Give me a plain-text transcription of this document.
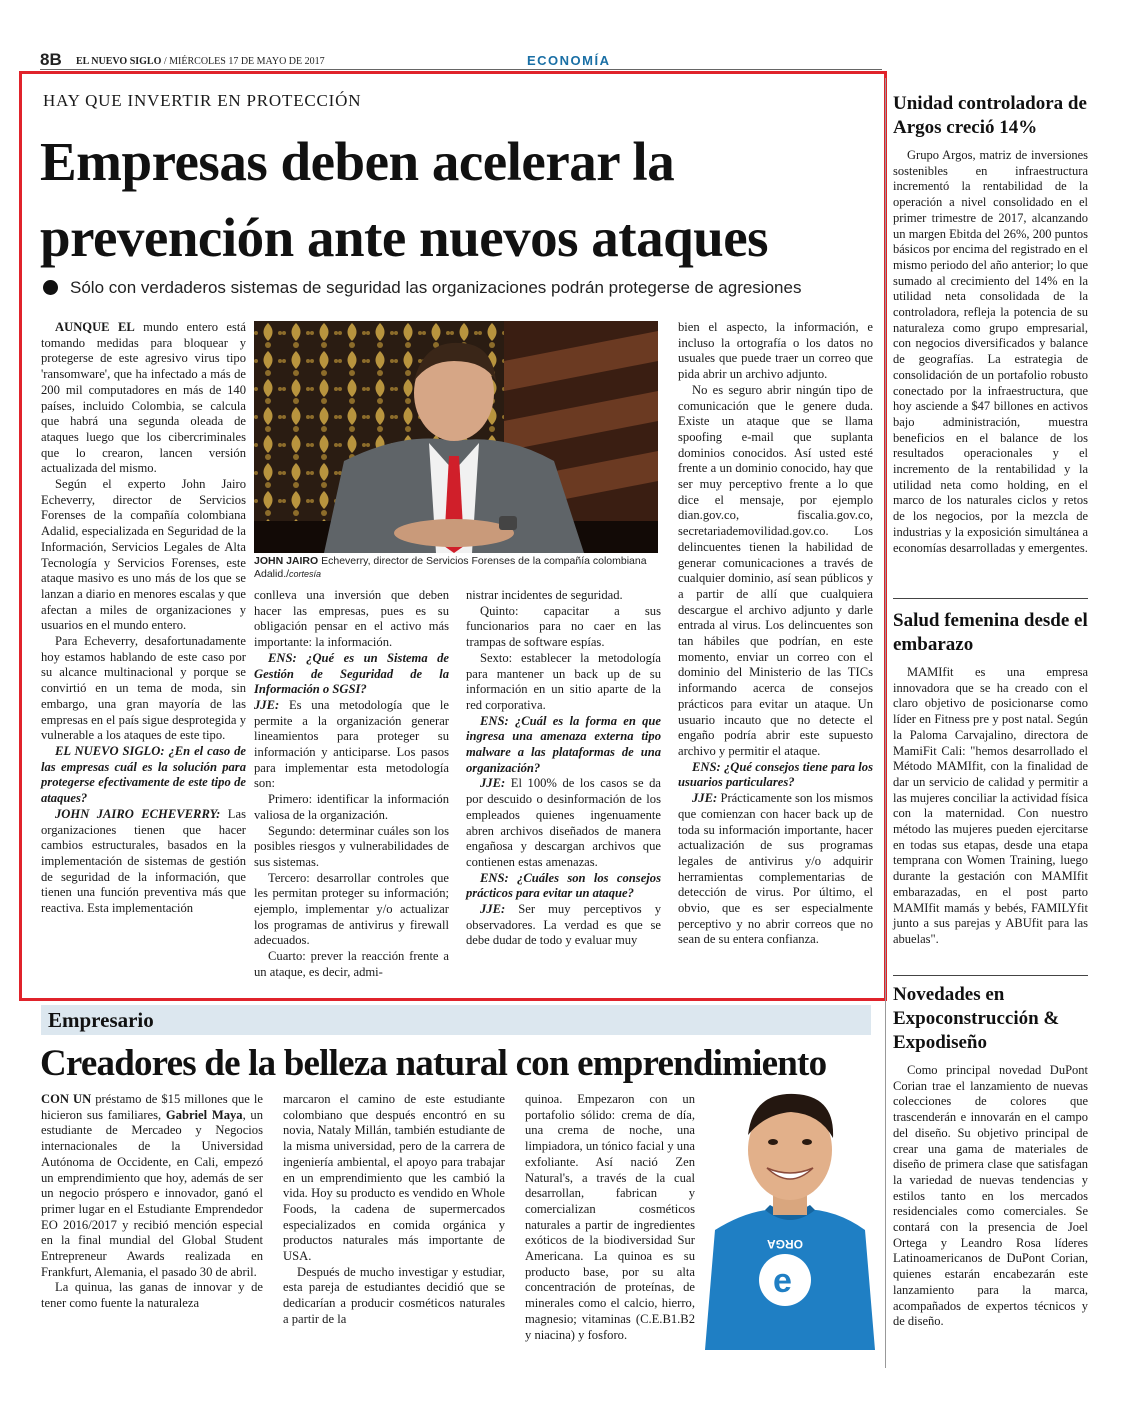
8B EL NUEVO SIGLO / MIÉRCOLES 17 DE MAYO DE 2017	ECONOMÍA
HAY QUE INVERTIR EN PROTECCIÓN
Empresas deben acelerar la prevención ante nuevos ataques
Sólo con verdaderos sistemas de seguridad las organizaciones podrán protegerse de agresiones

AUNQUE EL mundo entero está tomando medidas para bloquear y protegerse de este agresivo virus tipo 'ransomware', que ha infectado a más de 200 mil computadores en más de 140 países, incluido Colombia, se calcula que habrá una segunda oleada de ataques luego que los cibercriminales que lo crearon, lancen versión actualizada del mismo.

Según el experto John Jairo Echeverry, director de Servicios Forenses de la compañía colombiana Adalid, especializada en Seguridad de la Información, Servicios Legales de Alta Tecnología y Servicios Forenses, este ataque masivo es uno más de los que se lanzan a diario en menores escalas y que afectan a miles de organizaciones y usuarios en el mundo entero.

Para Echeverry, desafortunadamente hoy estamos hablando de este caso por su alcance multinacional y porque se convirtió en un tema de moda, sin embargo, una gran mayoría de las empresas en el país sigue desprotegida y vulnerable a los ataques de este tipo.

EL NUEVO SIGLO: ¿En el caso de las empresas cuál es la solución para protegerse efectivamente de este tipo de ataques?

JOHN JAIRO ECHEVERRY: Las organizaciones tienen que hacer cambios estructurales, basados en la implementación de sistemas de gestión de seguridad de la información, que tienen una función preventiva más que reactiva. Esta implementación

JOHN JAIRO Echeverry, director de Servicios Forenses de la compañía colombiana Adalid./cortesía

conlleva una inversión que deben hacer las empresas, pues es su obligación pensar en el activo más importante: la información.

ENS: ¿Qué es un Sistema de Gestión de Seguridad de la Información o SGSI?

JJE: Es una metodología que le permite a la organización generar lineamientos para proteger su información y anticiparse. Los pasos para implementar esta metodología son:

Primero: identificar la información valiosa de la organización.

Segundo: determinar cuáles son los posibles riesgos y vulnerabilidades de sus sistemas.

Tercero: desarrollar controles que les permitan proteger su información; ejemplo, implementar y/o actualizar los programas de antivirus y firewall adecuados.

Cuarto: prever la reacción frente a un ataque, es decir, admi-

nistrar incidentes de seguridad.

Quinto: capacitar a sus funcionarios para no caer en las trampas de software espías.

Sexto: establecer la metodología para mantener un back up de su información en un sitio aparte de la red corporativa.

ENS: ¿Cuál es la forma en que ingresa una amenaza externa tipo malware a las plataformas de una organización?

JJE: El 100% de los casos se da por descuido o desinformación de los empleados quienes ingenuamente abren archivos diseñados de manera engañosa y descargan archivos que contienen estas amenazas.

ENS: ¿Cuáles son los consejos prácticos para evitar un ataque?

JJE: Ser muy perceptivos y observadores. La verdad es que se debe dudar de todo y evaluar muy

bien el aspecto, la información, e incluso la ortografía o los datos no usuales que puede traer un correo que pida abrir un archivo adjunto.

No es seguro abrir ningún tipo de comunicación que le genere duda. Existe un ataque que se llama spoofing e-mail que suplanta dominios conocidos. Así usted esté frente a un dominio conocido, hay que ser muy perceptivo frente a lo que dice el mensaje, por ejemplo dian.gov.co, fiscalia.gov.co, secretariademovilidad.gov.co. Los delincuentes tienen la habilidad de generar comunicaciones a través de cualquier dominio, así sean públicos y a partir de allí que cualquiera descargue el archivo adjunto y darle entrada al virus. Los delincuentes son tan hábiles que podrían, en este momento, enviar un correo con el dominio del Ministerio de las TICs informando acerca de consejos prácticos para evitar un ataque. Un usuario incauto que no detecte el engaño podría abrir este supuesto archivo y permitir el ataque.

ENS: ¿Qué consejos tiene para los usuarios particulares?

JJE: Prácticamente son los mismos que comienzan con hacer back up de toda su información importante, hacer actualización de sus programas legales de antivirus y/o adquirir herramientas complementarias de detección de virus. Por último, el obvio, que es ser especialmente perceptivo y no abrir correos que no sean de su entera confianza.

Unidad controladora de Argos creció 14%

Grupo Argos, matriz de inversiones sostenibles en infraestructura incrementó la rentabilidad de la operación a nivel consolidado en el primer trimestre de 2017, alcanzando un margen Ebitda del 26%, 200 puntos básicos por encima del registrado en el mismo periodo del año anterior; lo que sumado al crecimiento del 14% en la utilidad neta consolidada de la controladora, refleja la potencia de su naturaleza como grupo empresarial, con negocios diversificados y balance de geografías. La estrategia de consolidación de un portafolio robusto conectado por la infraestructura, que hoy asciende a $47 billones en activos bajo administración, muestra beneficios en el balance de los resultados operacionales y el incremento de la rentabilidad y la utilidad neta como holding, en el marco de los naturales ciclos y retos de los negocios, por la mezcla de industrias y la exposición simultánea a economías desarrolladas y emergentes.

Salud femenina desde el embarazo

MAMIfit es una empresa innovadora que se ha creado con el claro objetivo de posicionarse como líder en Fitness pre y post natal. Según la Paloma Carvajalino, directora de MamiFit Cali: "hemos desarrollado el Método MAMIfit, con la finalidad de dar un servicio de calidad y permitir a las mujeres conciliar la actividad física con la maternidad. Con nuestro método las mujeres pueden ejercitarse en todas sus etapas, desde una etapa temprana con Women Training, luego durante la gestación con MAMIfit embarazadas, en el post parto MAMIfit mamás y bebés, FAMILYfit junto a sus parejas y ABUfit para las abuelas".

Novedades en Expoconstrucción & Expodiseño

Como principal novedad DuPont Corian trae el lanzamiento de nuevas colecciones de colores que trascenderán e innovarán en el campo del diseño. Su objetivo principal de crear una gama de materiales de diseño de primera clase que satisfagan la variedad de nuevas tendencias y estilos tanto en los mercados residenciales como comerciales. Se contará con la presencia de Joel Ortega y Leandro Rosa líderes Latinoamericanos de DuPont Corian, quienes estarán encabezarán este lanzamiento para la marca, acompañados de expertos técnicos y de diseño.

Empresario
Creadores de la belleza natural con emprendimiento

CON UN préstamo de $15 millones que le hicieron sus familiares, Gabriel Maya, un estudiante de Mercadeo y Negocios internacionales de la Universidad Autónoma de Occidente, en Cali, empezó un emprendimiento que hoy, además de ser un negocio próspero e innovador, ganó el primer lugar en el Estudiante Emprendedor EO 2016/2017 y recibió mención especial en la final mundial del Global Student Entrepreneur Awards realizada en Frankfurt, Alemania, el pasado 30 de abril.

La quinua, las ganas de innovar y de tener como fuente la naturaleza

marcaron el camino de este estudiante colombiano que después encontró en su novia, Nataly Millán, también estudiante de la misma universidad, pero de la carrera de ingeniería ambiental, el apoyo para trabajar en un emprendimiento que les cambió la vida. Hoy su producto es vendido en Whole Foods, la cadena de supermercados especializados en comida orgánica y productos naturales más importante de USA.

Después de mucho investigar y estudiar, esta pareja de estudiantes decidió que se dedicarían a producir cosméticos naturales a partir de la

quinoa. Empezaron con un portafolio sólido: crema de día, una crema de noche, una limpiadora, un tónico facial y una exfoliante. Así nació Zen Natural's, a través de la cual desarrollan, fabrican y comercializan cosméticos naturales a partir de ingredientes exóticos de la biodiversidad Sur Americana. La quinoa es su producto base, por su alta concentración de proteínas, de minerales como el calcio, hierro, magnesio; vitaminas (C.E.B1.B2 y niacina) y fosforo.

e
ORGA
